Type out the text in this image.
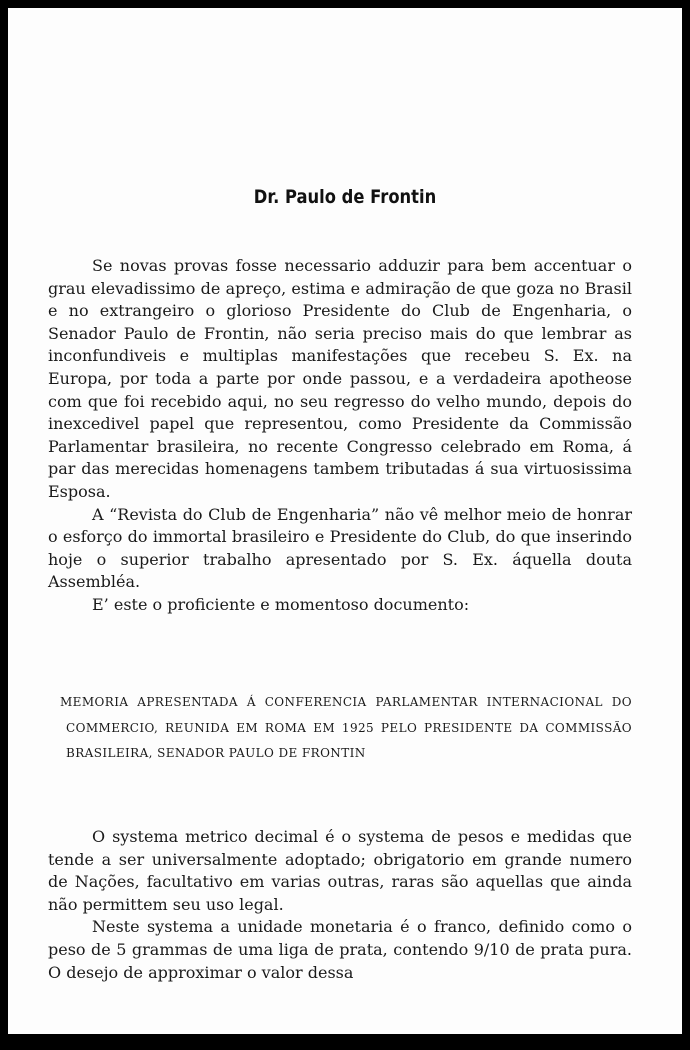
Dr. Paulo de Frontin

Se novas provas fosse necessario adduzir para bem accentuar o grau elevadissimo de apreço, estima e admiração de que goza no Brasil e no extrangeiro o glorioso Presidente do Club de Engenharia, o Senador Paulo de Frontin, não seria preciso mais do que lembrar as inconfundiveis e multiplas manifestações que recebeu S. Ex. na Europa, por toda a parte por onde passou, e a verdadeira apotheose com que foi recebido aqui, no seu regresso do velho mundo, depois do inexcedivel papel que representou, como Presidente da Commissão Parlamentar brasileira, no recente Congresso celebrado em Roma, á par das merecidas homenagens tambem tributadas á sua virtuosissima Esposa.

A “Revista do Club de Engenharia” não vê melhor meio de honrar o esforço do immortal brasileiro e Presidente do Club, do que inserindo hoje o superior trabalho apresentado por S. Ex. áquella douta Assembléa.

E’ este o proficiente e momentoso documento:

MEMORIA APRESENTADA Á CONFERENCIA PARLAMENTAR INTERNACIONAL DO COMMERCIO, REUNIDA EM ROMA EM 1925 PELO PRESIDENTE DA COMMISSÃO BRASILEIRA, SENADOR PAULO DE FRONTIN

O systema metrico decimal é o systema de pesos e medidas que tende a ser universalmente adoptado; obrigatorio em grande numero de Nações, facultativo em varias outras, raras são aquellas que ainda não permittem seu uso legal.

Neste systema a unidade monetaria é o franco, definido como o peso de 5 grammas de uma liga de prata, contendo 9/10 de prata pura. O desejo de approximar o valor dessa
